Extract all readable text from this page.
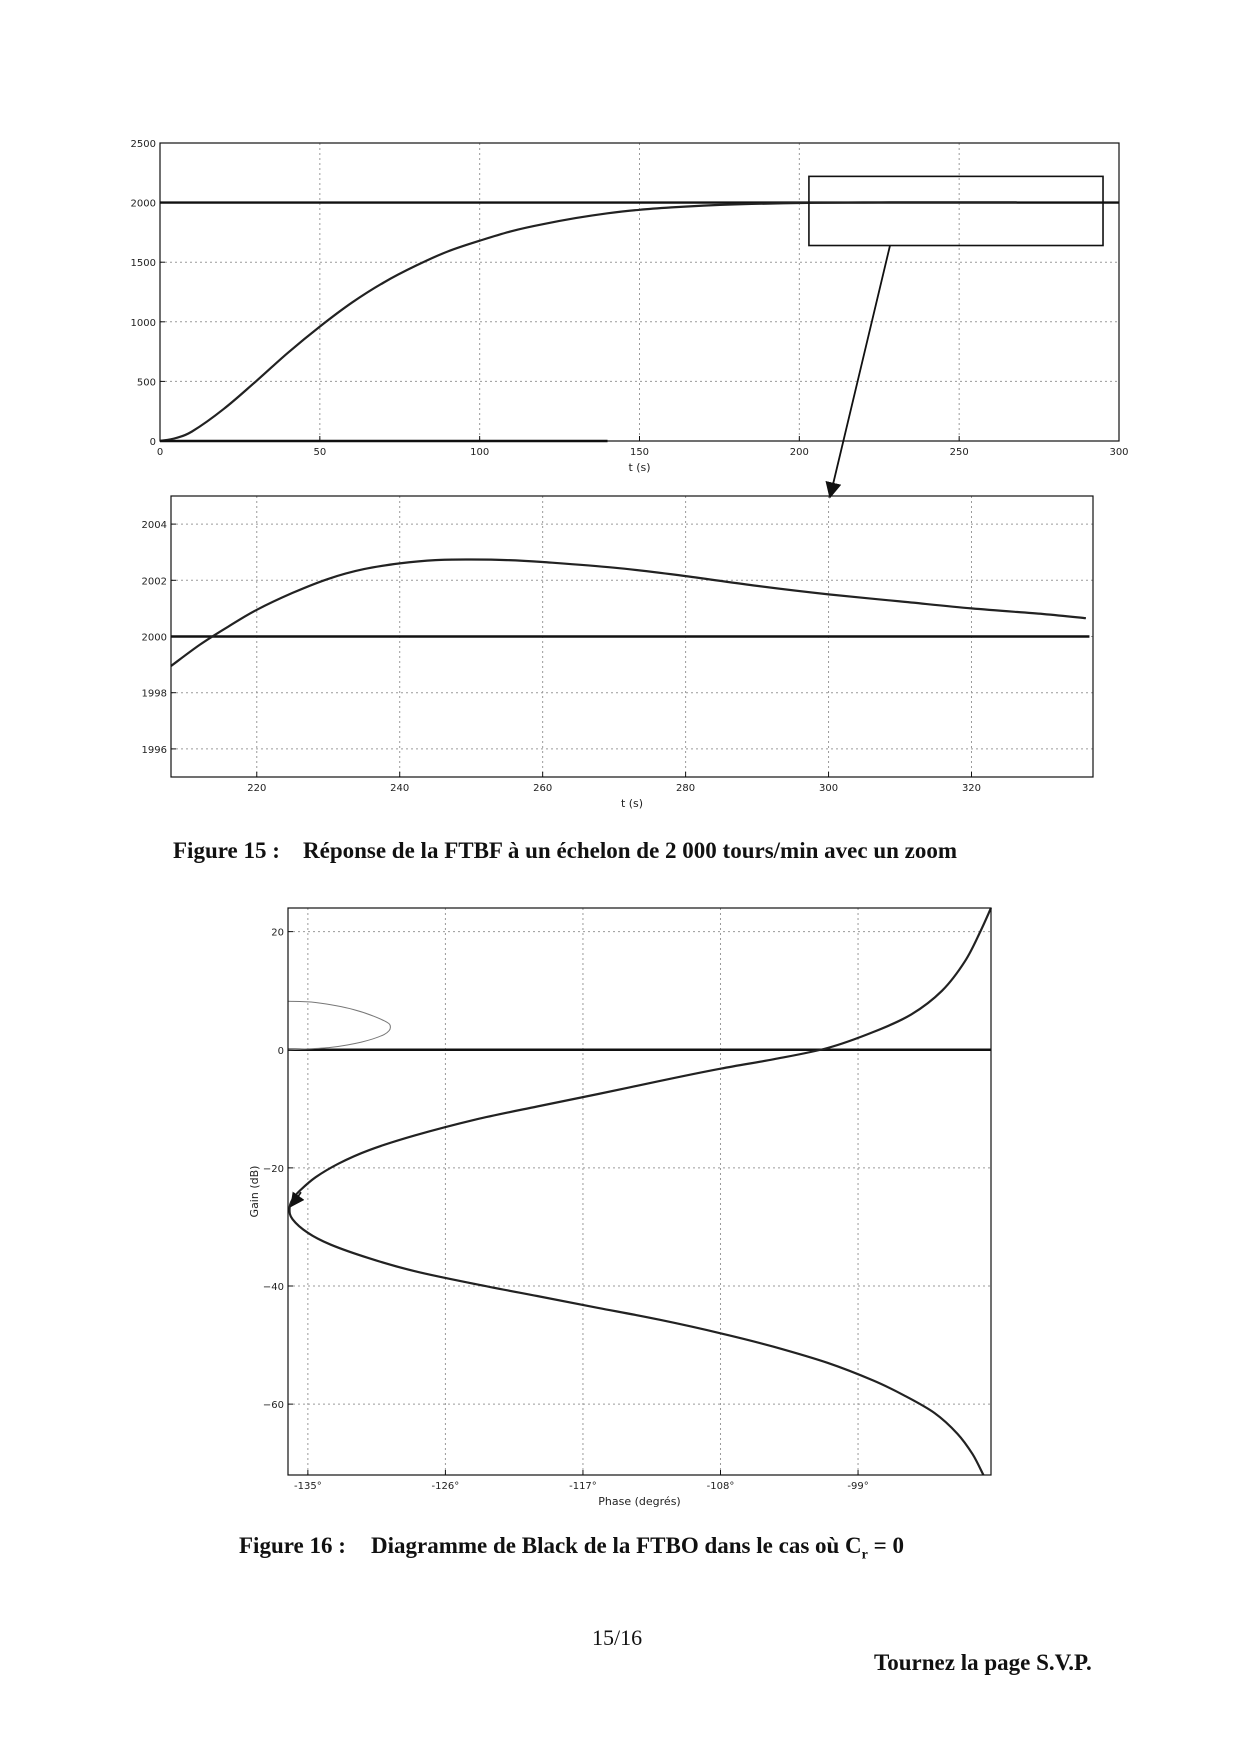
0	50	100	150	200	250	300
0
500
1000
1500
2000
2500
t (s)
220	240	260	280	300	320
1996
1998
2000
2002
2004
t (s)
-135°	-126°	-117°	-108°	-99°
20
0
−20
−40
−60
Phase (degrés)
Gain (dB)
Figure 15 : Réponse de la FTBF à un échelon de 2 000 tours/min avec un zoom
Figure 16 : Diagramme de Black de la FTBO dans le cas où $C_r = 0$
15/16
Tournez la page S.V.P.
